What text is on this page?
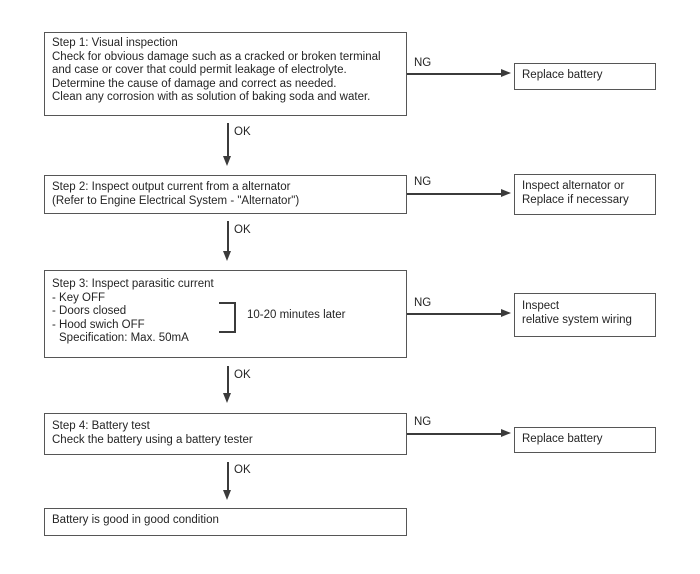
Step 1: Visual inspection
Check for obvious damage such as a cracked or broken terminal
and case or cover that could permit leakage of electrolyte.
Determine the cause of damage and correct as needed.
Clean any corrosion with as solution of baking soda and water.
NG
Replace battery
OK
Step 2: Inspect output current from a alternator
(Refer to Engine Electrical System - "Alternator")
NG	Inspect alternator or
Replace if necessary
OK
Step 3: Inspect parasitic current
- Key OFF
- Doors closed
- Hood swich OFF
Specification: Max. 50mA
10-20 minutes later
NG	Inspect
relative system wiring
OK
Step 4: Battery test
Check the battery using a battery tester
NG
Replace battery
OK
Battery is good in good condition
